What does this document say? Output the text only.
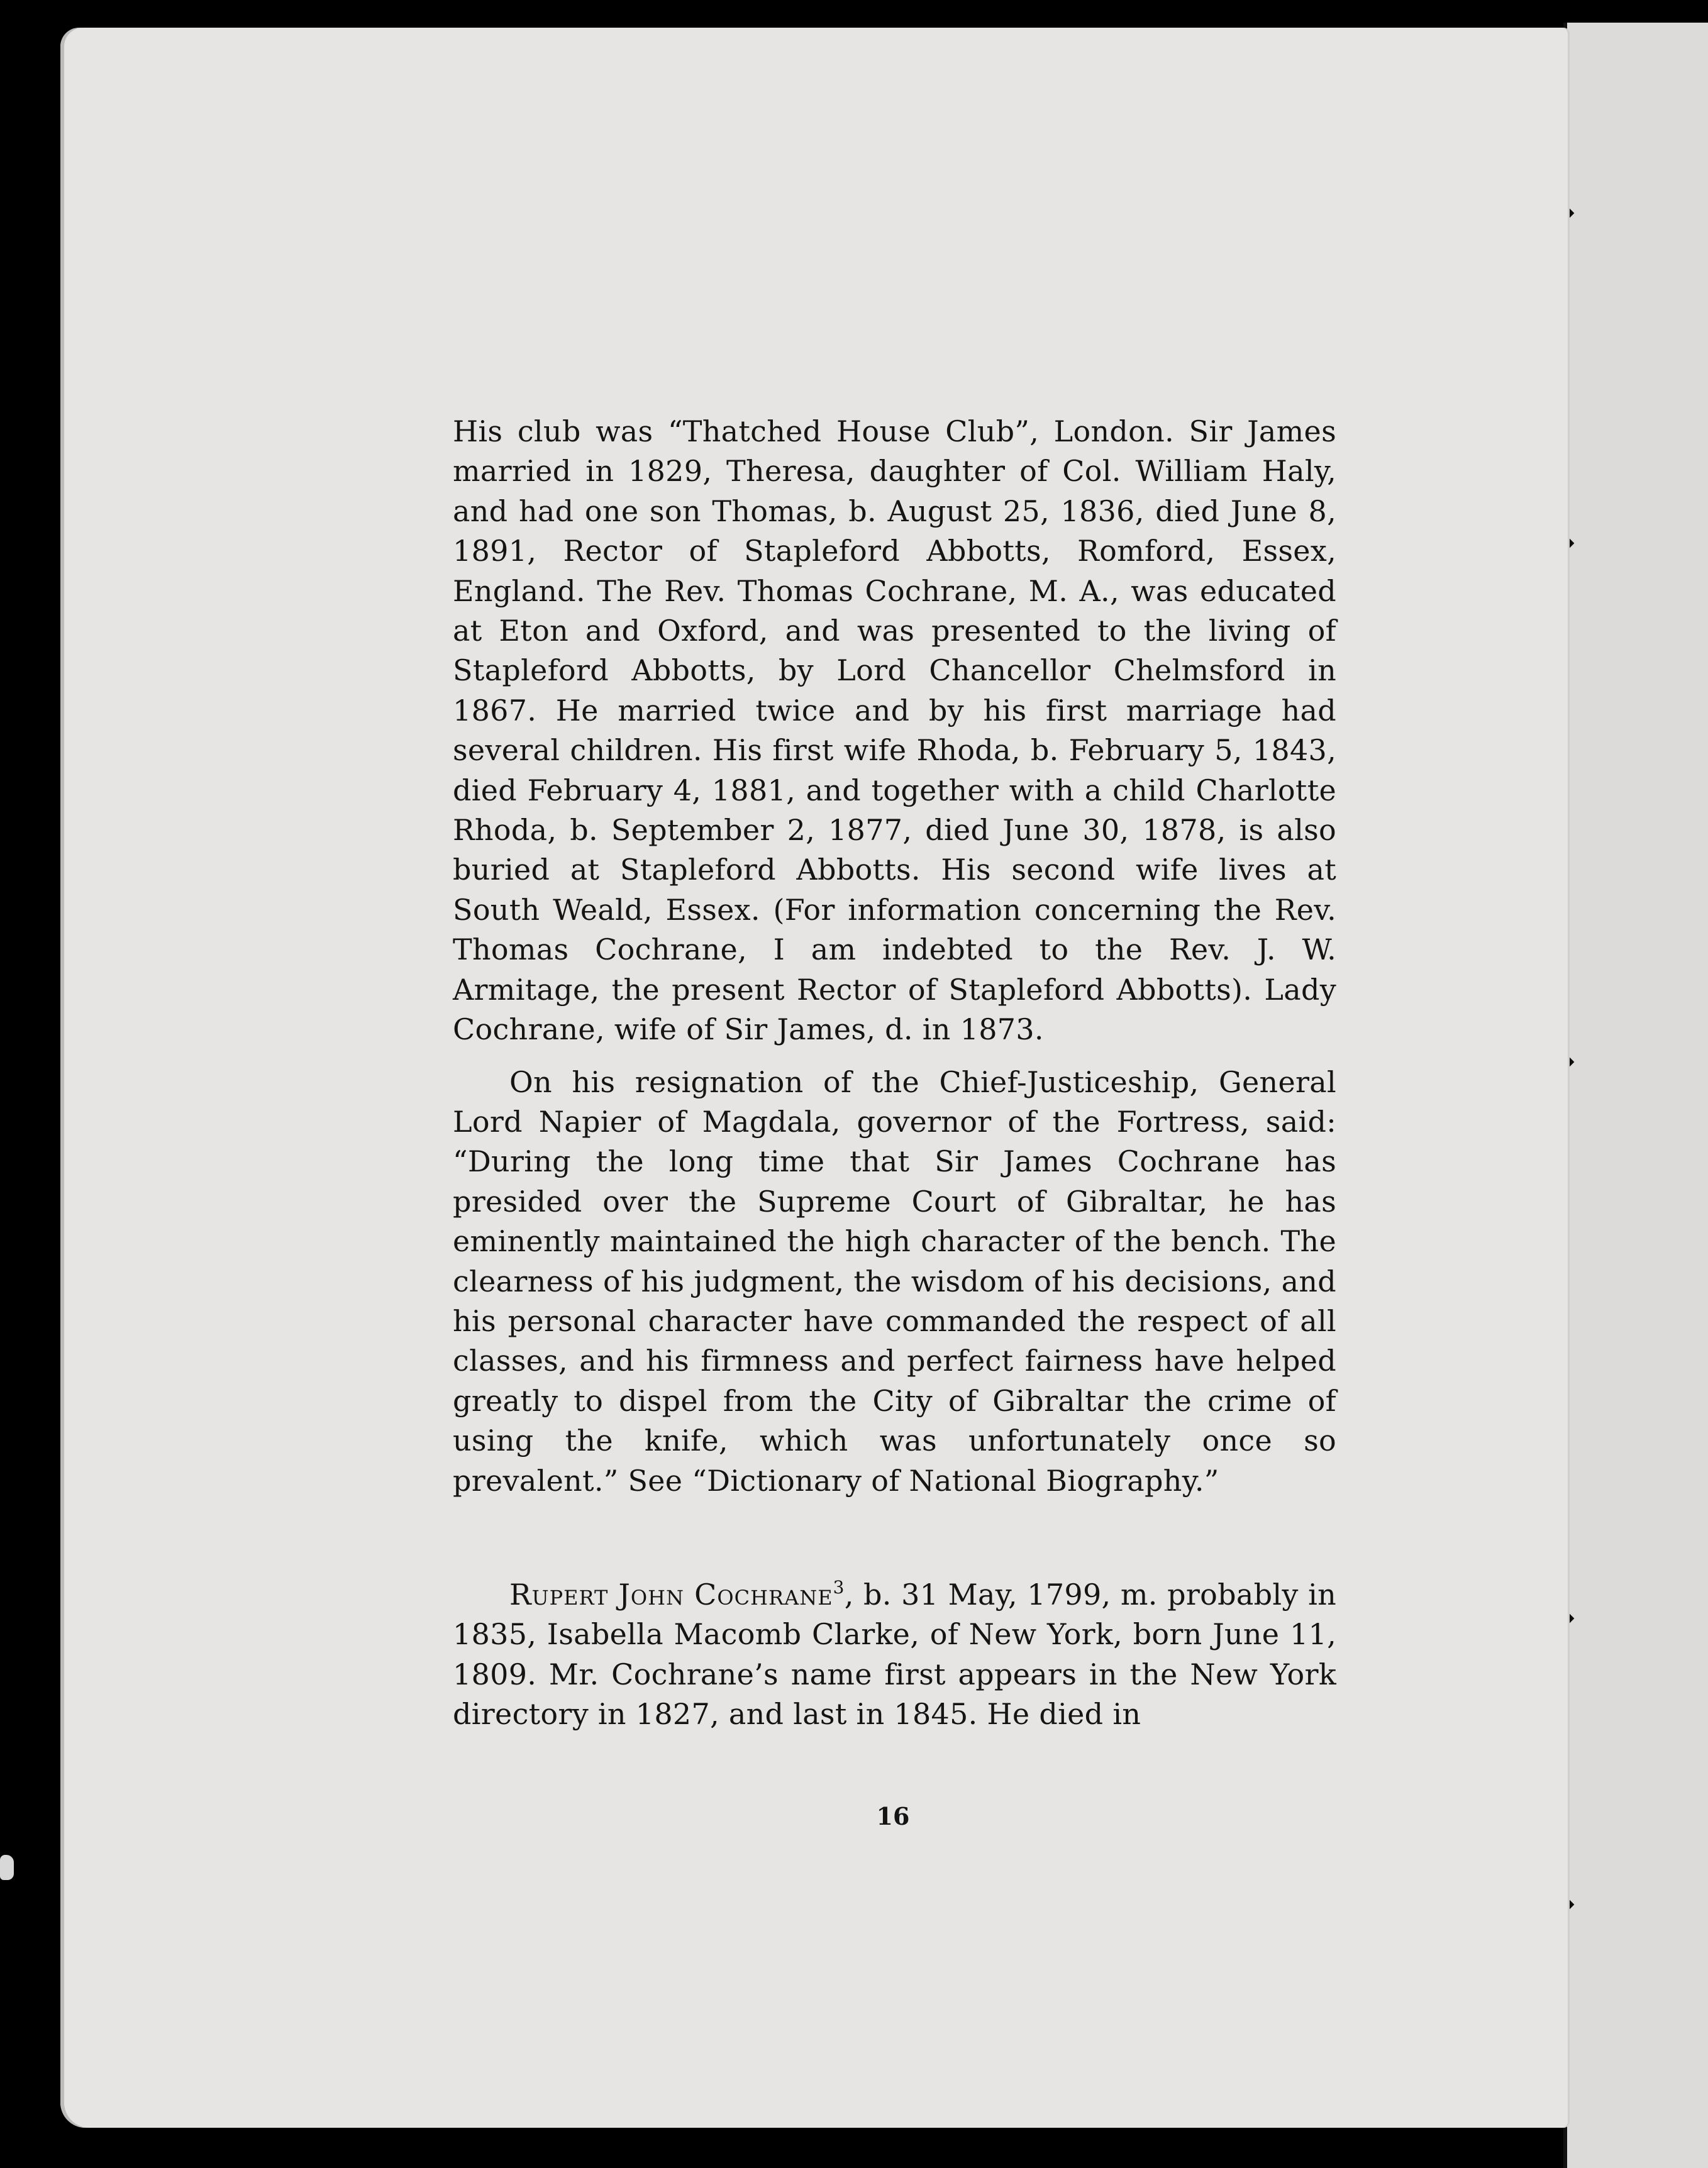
His club was “Thatched House Club”, London. Sir James married in 1829, Theresa, daughter of Col. William Haly, and had one son Thomas, b. August 25, 1836, died June 8, 1891, Rector of Stapleford Abbotts, Romford, Essex, England. The Rev. Thomas Cochrane, M. A., was educated at Eton and Oxford, and was presented to the living of Stapleford Abbotts, by Lord Chancellor Chelmsford in 1867. He married twice and by his first marriage had several children. His first wife Rhoda, b. February 5, 1843, died February 4, 1881, and together with a child Charlotte Rhoda, b. September 2, 1877, died June 30, 1878, is also buried at Stapleford Abbotts. His second wife lives at South Weald, Essex. (For information concerning the Rev. Thomas Cochrane, I am indebted to the Rev. J. W. Armitage, the present Rector of Stapleford Abbotts). Lady Cochrane, wife of Sir James, d. in 1873.

On his resignation of the Chief-Justiceship, General Lord Napier of Magdala, governor of the Fortress, said: “During the long time that Sir James Cochrane has presided over the Supreme Court of Gibraltar, he has eminently maintained the high character of the bench. The clearness of his judgment, the wisdom of his decisions, and his personal character have commanded the respect of all classes, and his firmness and perfect fairness have helped greatly to dispel from the City of Gibraltar the crime of using the knife, which was unfortunately once so prevalent.” See “Dictionary of National Biography.”

Rupert John Cochrane$^3$, b. 31 May, 1799, m. probably in 1835, Isabella Macomb Clarke, of New York, born June 11, 1809. Mr. Cochrane’s name first appears in the New York directory in 1827, and last in 1845. He died in

16
